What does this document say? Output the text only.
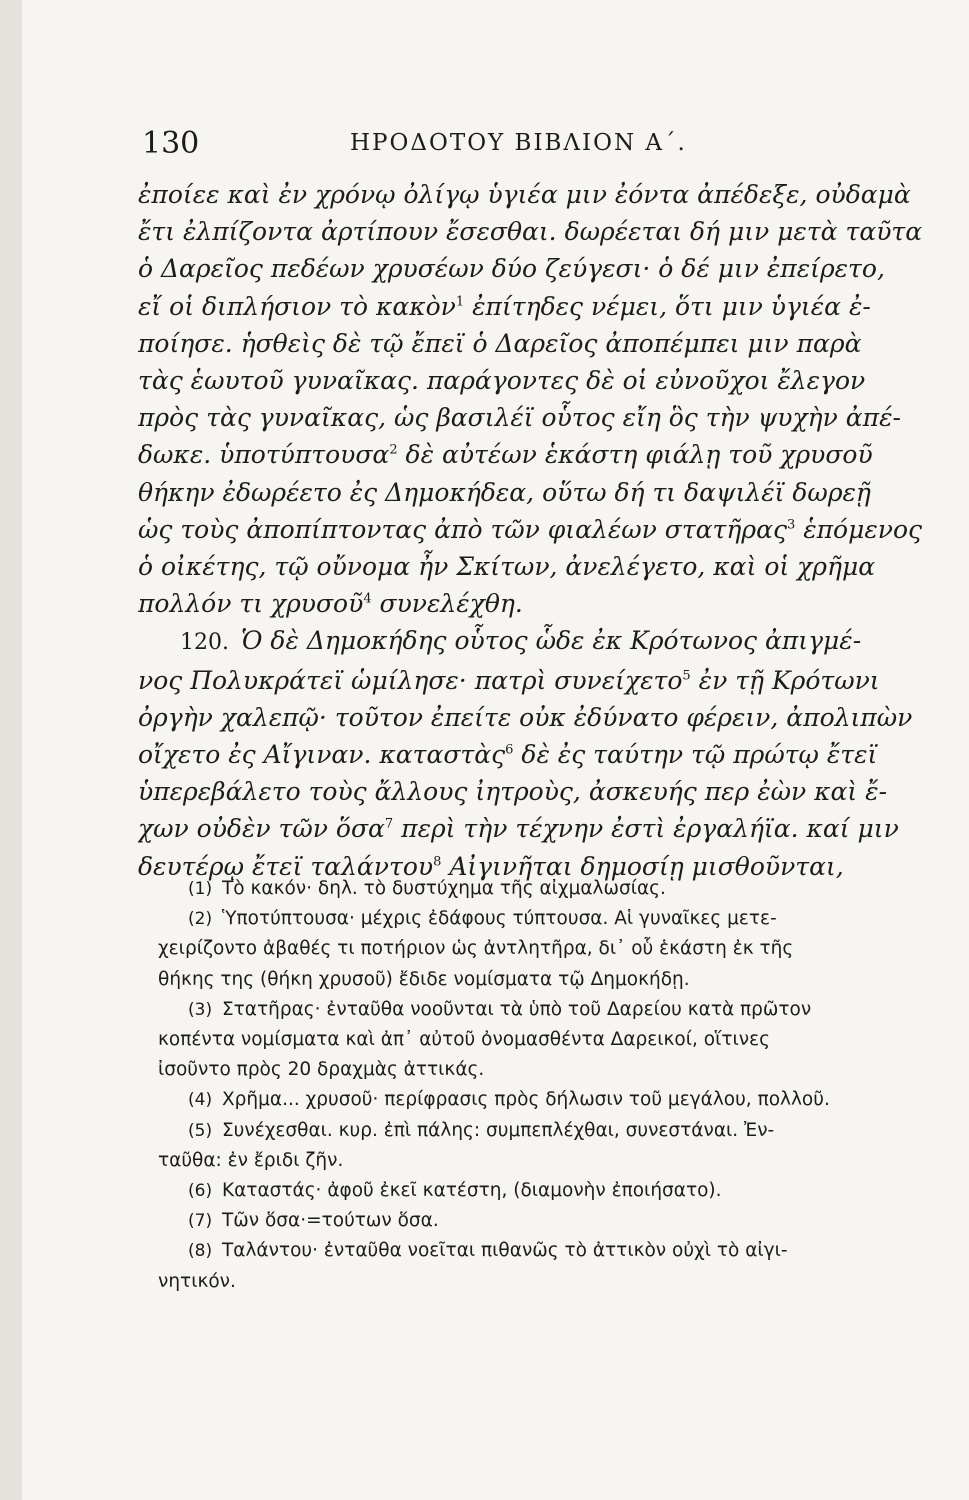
130	ΗΡΟΔΟΤΟΥ ΒΙΒΛΙΟΝ Α΄.
ἐποίεε καὶ ἐν χρόνῳ ὀλίγῳ ὑγιέα μιν ἐόντα ἀπέδεξε, οὐδαμὰ
ἔτι ἐλπίζοντα ἀρτίπουν ἔσεσθαι. δωρέεται δή μιν μετὰ ταῦτα
ὁ Δαρεῖος πεδέων χρυσέων δύο ζεύγεσι· ὁ δέ μιν ἐπείρετο,
εἴ οἱ διπλήσιον τὸ κακὸν$^1$ ἐπίτηδες νέμει, ὅτι μιν ὑγιέα ἐ-
ποίησε. ἡσθεὶς δὲ τῷ ἔπεϊ ὁ Δαρεῖος ἀποπέμπει μιν παρὰ
τὰς ἑωυτοῦ γυναῖκας. παράγοντες δὲ οἱ εὐνοῦχοι ἔλεγον
πρὸς τὰς γυναῖκας, ὡς βασιλέϊ οὗτος εἴη ὃς τὴν ψυχὴν ἀπέ-
δωκε. ὑποτύπτουσα$^2$ δὲ αὐτέων ἑκάστη φιάλῃ τοῦ χρυσοῦ
θήκην ἐδωρέετο ἐς Δημοκήδεα, οὕτω δή τι δαψιλέϊ δωρεῇ
ὡς τοὺς ἀποπίπτοντας ἀπὸ τῶν φιαλέων στατῆρας$^3$ ἑπόμενος
ὁ οἰκέτης, τῷ οὔνομα ἦν Σκίτων, ἀνελέγετο, καὶ οἱ χρῆμα
πολλόν τι χρυσοῦ$^4$ συνελέχθη.
120. Ὁ δὲ Δημοκήδης οὗτος ὧδε ἐκ Κρότωνος ἀπιγμέ-
νος Πολυκράτεϊ ὡμίλησε· πατρὶ συνείχετο$^5$ ἐν τῇ Κρότωνι
ὀργὴν χαλεπῷ· τοῦτον ἐπείτε οὐκ ἐδύνατο φέρειν, ἀπολιπὼν
οἴχετο ἐς Αἴγιναν. καταστὰς$^6$ δὲ ἐς ταύτην τῷ πρώτῳ ἔτεϊ
ὑπερεβάλετο τοὺς ἄλλους ἰητροὺς, ἀσκευής περ ἐὼν καὶ ἔ-
χων οὐδὲν τῶν ὅσα$^7$ περὶ τὴν τέχνην ἐστὶ ἐργαλήϊα. καί μιν
δευτέρῳ ἔτεϊ ταλάντου$^8$ Αἰγινῆται δημοσίῃ μισθοῦνται,
(1) Τὸ κακόν· δηλ. τὸ δυστύχημα τῆς αἰχμαλωσίας.
(2) Ὑποτύπτουσα· μέχρις ἐδάφους τύπτουσα. Αἱ γυναῖκες μετε-
χειρίζοντο ἀβαθές τι ποτήριον ὡς ἀντλητῆρα, δι᾽ οὗ ἑκάστη ἐκ τῆς
θήκης της (θήκη χρυσοῦ) ἔδιδε νομίσματα τῷ Δημοκήδῃ.
(3) Στατῆρας· ἐνταῦθα νοοῦνται τὰ ὑπὸ τοῦ Δαρείου κατὰ πρῶτον
κοπέντα νομίσματα καὶ ἀπ᾽ αὐτοῦ ὀνομασθέντα Δαρεικοί, οἵτινες
ἰσοῦντο πρὸς 20 δραχμὰς ἀττικάς.
(4) Χρῆμα... χρυσοῦ· περίφρασις πρὸς δήλωσιν τοῦ μεγάλου, πολλοῦ.
(5) Συνέχεσθαι. κυρ. ἐπὶ πάλης: συμπεπλέχθαι, συνεστάναι. Ἐν-
ταῦθα: ἐν ἔριδι ζῆν.
(6) Καταστάς· ἀφοῦ ἐκεῖ κατέστη, (διαμονὴν ἐποιήσατο).
(7) Τῶν ὅσα·=τούτων ὅσα.
(8) Ταλάντου· ἐνταῦθα νοεῖται πιθανῶς τὸ ἀττικὸν οὐχὶ τὸ αἰγι-
νητικόν.
